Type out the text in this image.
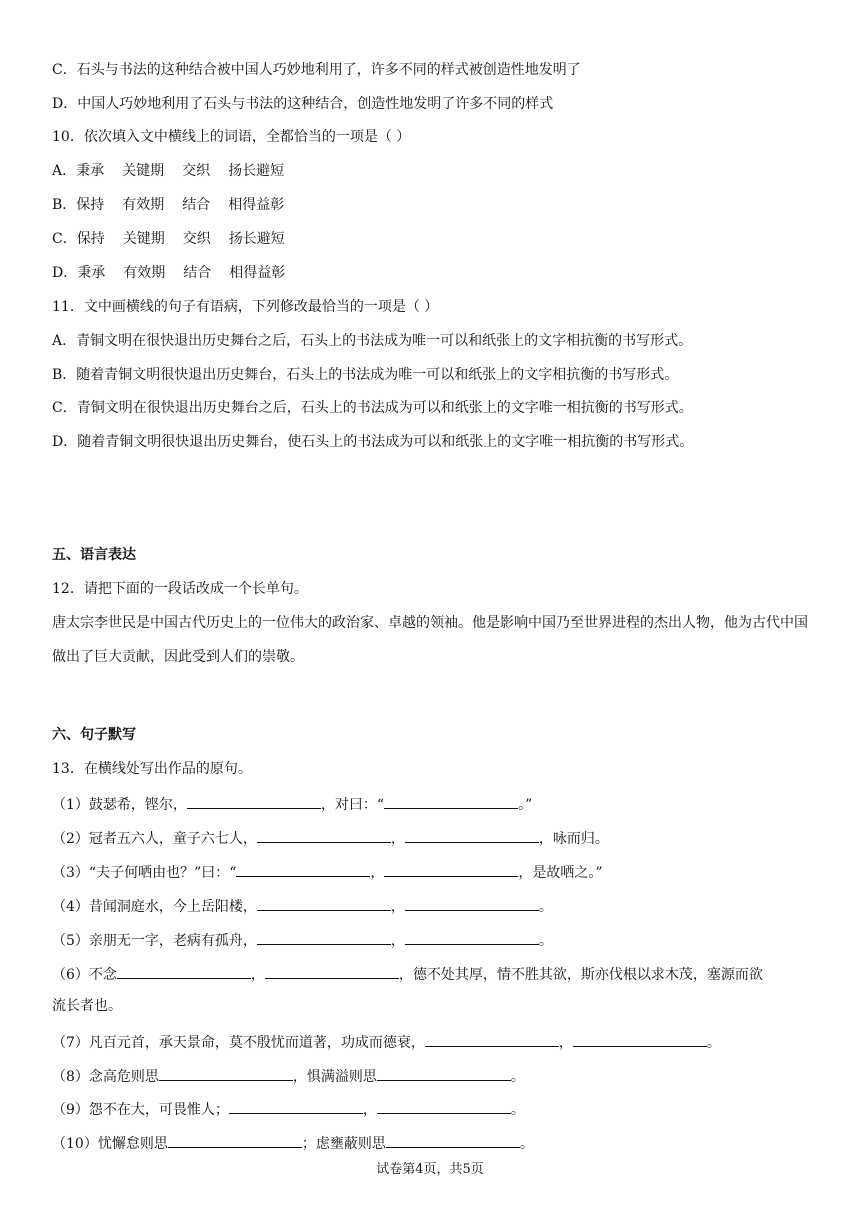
C．石头与书法的这种结合被中国人巧妙地利用了，许多不同的样式被创造性地发明了
D．中国人巧妙地利用了石头与书法的这种结合，创造性地发明了许多不同的样式
10．依次填入文中横线上的词语，全都恰当的一项是（ ）
A．秉承 关键期 交织 扬长避短
B．保持 有效期 结合 相得益彰
C．保持 关键期 交织 扬长避短
D．秉承 有效期 结合 相得益彰
11．文中画横线的句子有语病，下列修改最恰当的一项是（ ）
A．青铜文明在很快退出历史舞台之后，石头上的书法成为唯一可以和纸张上的文字相抗衡的书写形式。
B．随着青铜文明很快退出历史舞台，石头上的书法成为唯一可以和纸张上的文字相抗衡的书写形式。
C．青铜文明在很快退出历史舞台之后，石头上的书法成为可以和纸张上的文字唯一相抗衡的书写形式。
D．随着青铜文明很快退出历史舞台，使石头上的书法成为可以和纸张上的文字唯一相抗衡的书写形式。
五、语言表达
12．请把下面的一段话改成一个长单句。
唐太宗李世民是中国古代历史上的一位伟大的政治家、卓越的领袖。他是影响中国乃至世界进程的杰出人物，他为古代中国做出了巨大贡献，因此受到人们的崇敬。
六、句子默写
13．在横线处写出作品的原句。
（1）鼓瑟希，铿尔，	，对曰：“	。”
（2）冠者五六人，童子六七人，	，	，咏而归。
（3）“夫子何哂由也？”曰：“	，	，是故哂之。”
（4）昔闻洞庭水，今上岳阳楼，	，	。
（5）亲朋无一字，老病有孤舟，	，	。
（6）不念	，	，德不处其厚，情不胜其欲，斯亦伐根以求木茂，塞源而欲
流长者也。
（7）凡百元首，承天景命，莫不殷忧而道著，功成而德衰，	，	。
（8）念高危则思	，惧满溢则思	。
（9）怨不在大，可畏惟人；	，	。
（10）忧懈怠则思	；虑壅蔽则思	。
试卷第4页，共5页
